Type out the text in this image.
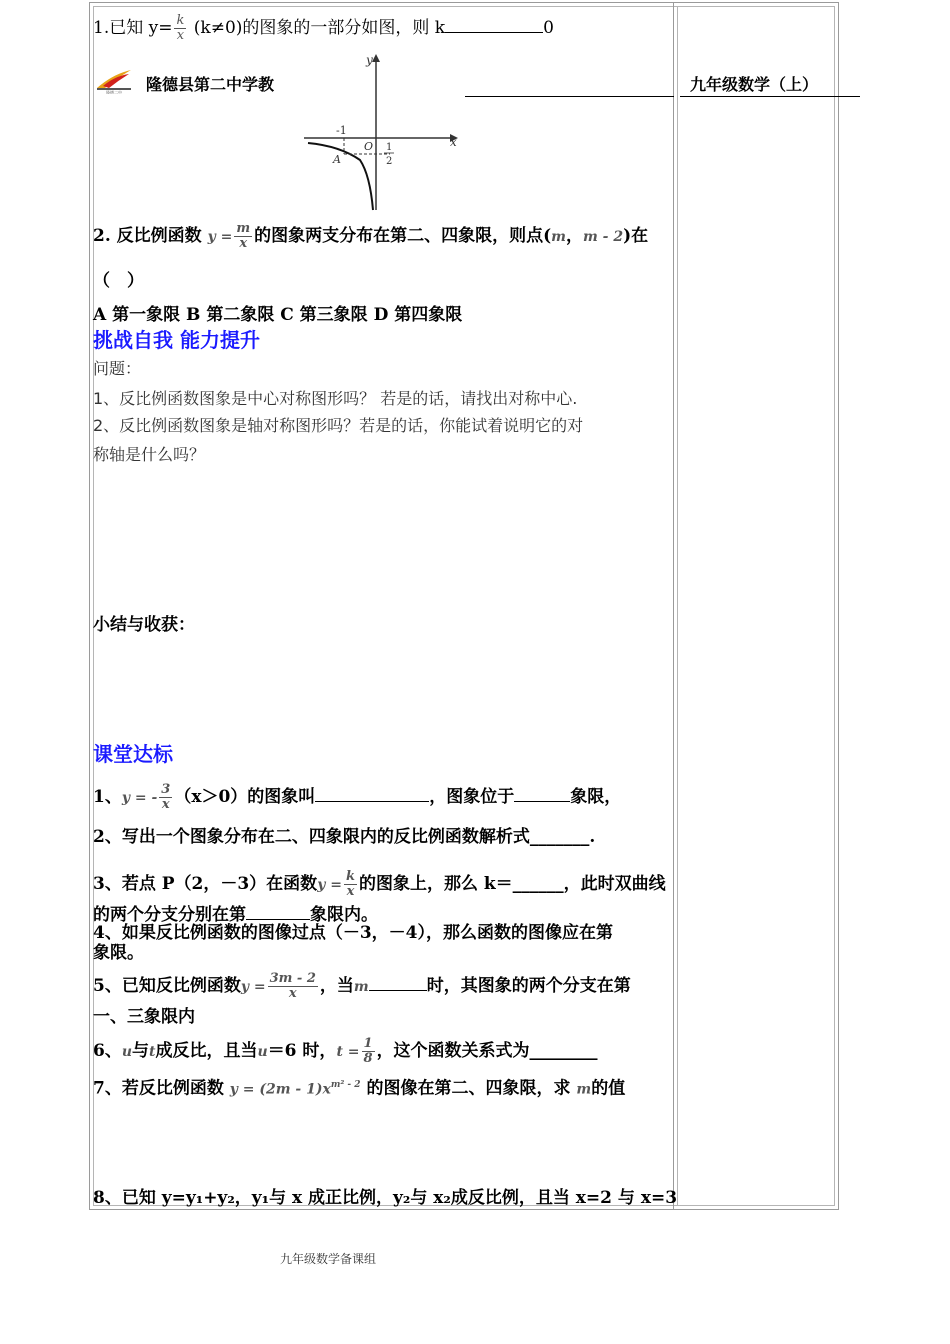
1.已知 $y= \frac{k}{x} (k\ne 0)$的图象的一部分如图，则 k	0
隆德二中 隆德县第二中学教	九年级数学（上）
x
y
O
-1
1
2
A
2. 反比例函数 $y = \frac{m}{x}$ 的图象两支分布在第二、四象限，则点(m，m - 2)在
（　）
A 第一象限 B 第二象限 C 第三象限 D 第四象限
挑战自我 能力提升
问题：
1、反比例函数图象是中心对称图形吗？ 若是的话，请找出对称中心.
2、反比例函数图象是轴对称图形吗？若是的话，你能试着说明它的对
称轴是什么吗？
小结与收获：
课堂达标
1、y = - $\frac{3}{x} (x>0)$的图象叫	，图象位于	象限，
2、写出一个图象分布在二、四象限内的反比例函数解析式_______.
3、若点 P（2，－3）在函数$y = \frac{k}{x}$ 的图象上，那么 k＝______，此时双曲线
的两个分支分别在第	象限内。
4、如果反比例函数的图像过点（－3，－4），那么函数的图像应在第
象限。
5、已知反比例函数$y = \frac{3m - 2}{x}$ ，当m	时，其图象的两个分支在第
一、三象限内
6、u与t成反比，且当u＝6 时，$t = \frac{1}{8}$ ，这个函数关系式为________
7、若反比例函数 $y = (2m - 1)x^{m^2 - 2}$ 的图像在第二、四象限，求 m的值
8、已知 y=y₁+y₂，y₁与 x 成正比例，y₂与 x₂成反比例，且当 x=2 与 x=3
九年级数学备课组
